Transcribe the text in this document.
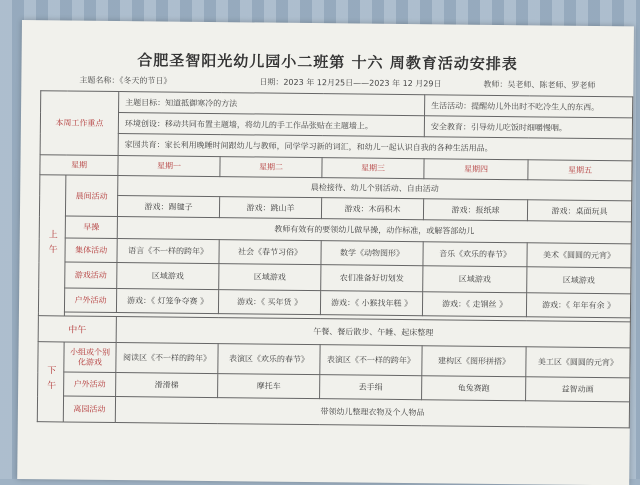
合肥圣智阳光幼儿园小二班第 十六 周教育活动安排表
主题名称：《冬天的节日》	日期：2023 年 12月25日——2023 年 12 月29日	教师：吴老师、陈老师、罗老师
本周工作重点		主题目标：知道抵御寒冷的方法			生活活动：提醒幼儿外出时不吃冷生人的东西。	
		环境创设：移动共同布置主题墙，将幼儿的手工作品张贴在主题墙上。			安全教育：引导幼儿吃饭时细嚼慢咽。	
		家园共育：家长利用晚睡时间跟幼儿与教师，同学学习新的词汇，和幼儿一起认识自我的各种生活用品。				
星期		星期一	星期二	星期三	星期四	星期五
上午	晨间活动	晨检接待、幼儿个别活动、自由活动				
		游戏：踢毽子	游戏：跳山羊	游戏：木码积木	游戏：报纸球	游戏：桌面玩具
	早操	教师有效有的要领幼儿做早操，动作标准，或解答部幼儿				
	集体活动	语言《不一样的跨年》	社会《春节习俗》	数学《动物图形》	音乐《欢乐的春节》	美术《圆圆的元宵》
	游戏活动	区域游戏	区域游戏	农们准备好切划发	区域游戏	区域游戏
	户外活动	游戏：《 灯笼争夺赛 》	游戏：《 买年货 》	游戏：《 小猴找年糕 》	游戏：《 走钢丝 》	游戏：《 年年有余 》

中午		午餐、餐后散步、午睡、起床整理				
下午	小组或个别化游戏	阅读区《不一样的跨年》	表演区《欢乐的春节》	表演区《不一样的跨年》	建构区《图形拼搭》	美工区《圆圆的元宵》
	户外活动	滑滑梯	摩托车	丢手绢	龟兔赛跑	益智动画
	离园活动	带领幼儿整理衣物及个人物品				
